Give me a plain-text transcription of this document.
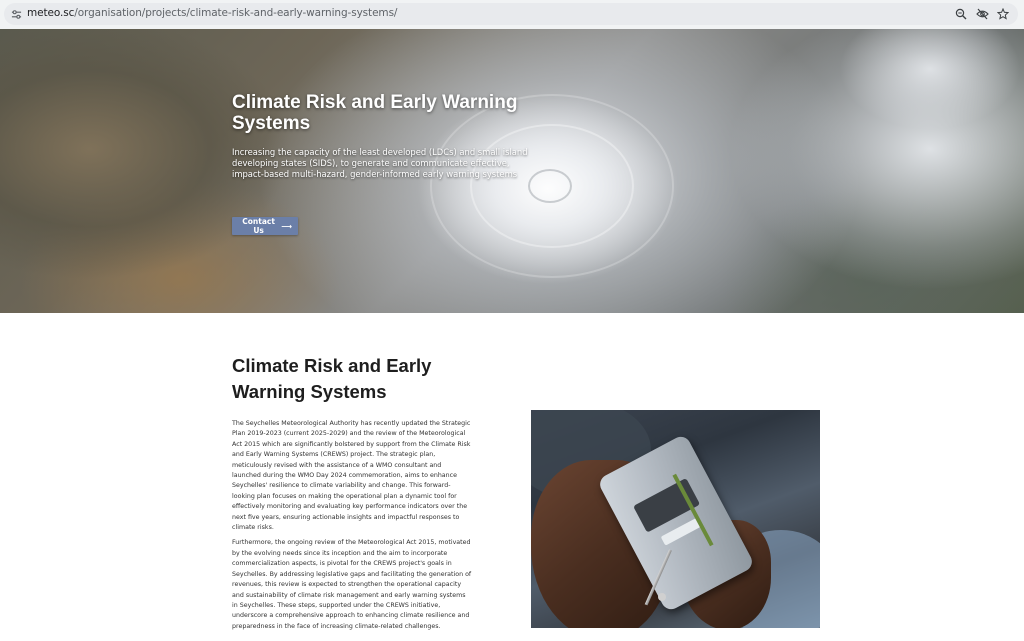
meteo.sc/organisation/projects/climate-risk-and-early-warning-systems/
Climate Risk and Early Warning Systems

Increasing the capacity of the least developed (LDCs) and small island developing states (SIDS), to generate and communicate effective, impact-based multi-hazard, gender-informed early warning systems

Contact Us	⟶
Climate Risk and Early Warning Systems

The Seychelles Meteorological Authority has recently updated the Strategic Plan 2019-2023 (current 2025-2029) and the review of the Meteorological Act 2015 which are significantly bolstered by support from the Climate Risk and Early Warning Systems (CREWS) project. The strategic plan, meticulously revised with the assistance of a WMO consultant and launched during the WMO Day 2024 commemoration, aims to enhance Seychelles' resilience to climate variability and change. This forward-looking plan focuses on making the operational plan a dynamic tool for effectively monitoring and evaluating key performance indicators over the next five years, ensuring actionable insights and impactful responses to climate risks.

Furthermore, the ongoing review of the Meteorological Act 2015, motivated by the evolving needs since its inception and the aim to incorporate commercialization aspects, is pivotal for the CREWS project's goals in Seychelles. By addressing legislative gaps and facilitating the generation of revenues, this review is expected to strengthen the operational capacity and sustainability of climate risk management and early warning systems in Seychelles. These steps, supported under the CREWS initiative, underscore a comprehensive approach to enhancing climate resilience and preparedness in the face of increasing climate-related challenges.
